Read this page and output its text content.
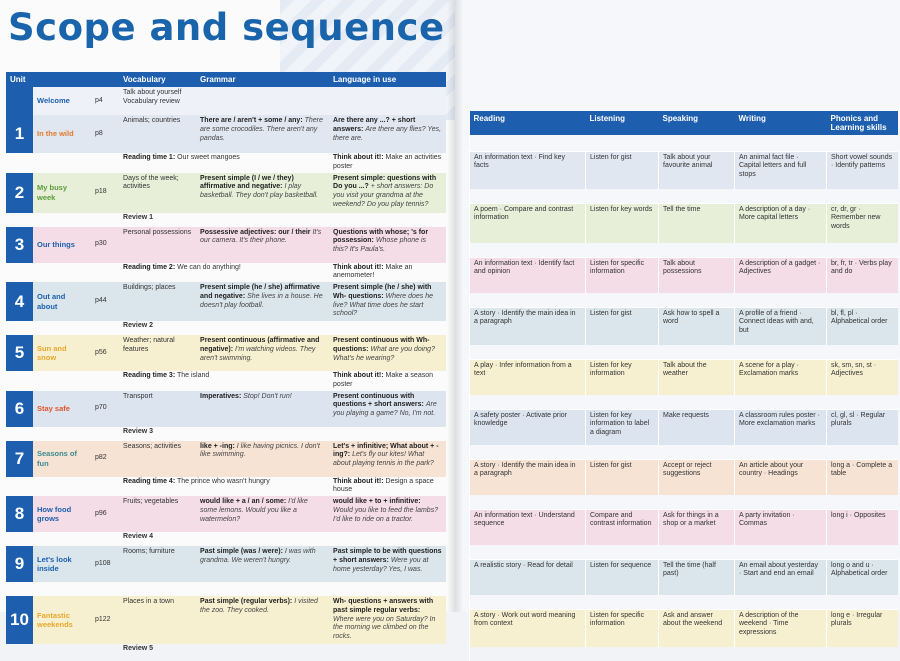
Scope and sequence
Unit			Vocabulary	Grammar	Language in use
	Welcome	p4	Talk about yourself
Vocabulary review		
1	In the wild	p8	Animals; countries	There are / aren't + some / any: There are some crocodiles. There aren't any pandas.	Are there any ...? + short answers: Are there any flies? Yes, there are.
			Reading time 1: Our sweet mangoes		Think about it!: Make an activities poster
2	My busy week	p18	Days of the week; activities	Present simple (I / we / they) affirmative and negative: I play basketball. They don't play basketball.	Present simple: questions with Do you ...? + short answers: Do you visit your grandma at the weekend? Do you play tennis?
			Review 1		
3	Our things	p30	Personal possessions	Possessive adjectives: our / their It's our camera. It's their phone.	Questions with whose; 's for possession: Whose phone is this? It's Paula's.
			Reading time 2: We can do anything!		Think about it!: Make an anemometer!
4	Out and about	p44	Buildings; places	Present simple (he / she) affirmative and negative: She lives in a house. He doesn't play football.	Present simple (he / she) with Wh- questions: Where does he live? What time does he start school?
			Review 2		
5	Sun and snow	p56	Weather; natural features	Present continuous (affirmative and negative): I'm watching videos. They aren't swimming.	Present continuous with Wh- questions: What are you doing? What's he wearing?
			Reading time 3: The island		Think about it!: Make a season poster
6	Stay safe	p70	Transport	Imperatives: Stop! Don't run!	Present continuous with questions + short answers: Are you playing a game? No, I'm not.
			Review 3		
7	Seasons of fun	p82	Seasons; activities	like + -ing: I like having picnics. I don't like swimming.	Let's + infinitive; What about + -ing?: Let's fly our kites! What about playing tennis in the park?
			Reading time 4: The prince who wasn't hungry		Think about it!: Design a space house
8	How food grows	p96	Fruits; vegetables	would like + a / an / some: I'd like some lemons. Would you like a watermelon?	would like + to + infinitive: Would you like to feed the lambs? I'd like to ride on a tractor.
			Review 4		
9	Let's look inside	p108	Rooms; furniture	Past simple (was / were): I was with grandma. We weren't hungry.	Past simple to be with questions + short answers: Were you at home yesterday? Yes, I was.

10	Fantastic weekends	p122	Places in a town	Past simple (regular verbs): I visited the zoo. They cooked.	Wh- questions + answers with past simple regular verbs: Where were you on Saturday? In the morning we climbed on the rocks.
			Review 5		
Reading	Listening	Speaking	Writing	Phonics and Learning skills

An information text · Find key facts	Listen for gist	Talk about your favourite animal	An animal fact file · Capital letters and full stops	Short vowel sounds · Identify patterns

A poem · Compare and contrast information	Listen for key words	Tell the time	A description of a day · More capital letters	cr, dr, gr · Remember new words

An information text · Identify fact and opinion	Listen for specific information	Talk about possessions	A description of a gadget · Adjectives	br, fr, tr · Verbs play and do

A story · Identify the main idea in a paragraph	Listen for gist	Ask how to spell a word	A profile of a friend · Connect ideas with and, but	bl, fl, pl · Alphabetical order

A play · Infer information from a text	Listen for key information	Talk about the weather	A scene for a play · Exclamation marks	sk, sm, sn, st · Adjectives

A safety poster · Activate prior knowledge	Listen for key information to label a diagram	Make requests	A classroom rules poster · More exclamation marks	cl, gl, sl · Regular plurals

A story · Identify the main idea in a paragraph	Listen for gist	Accept or reject suggestions	An article about your country · Headings	long a · Complete a table

An information text · Understand sequence	Compare and contrast information	Ask for things in a shop or a market	A party invitation · Commas	long i · Opposites

A realistic story · Read for detail	Listen for sequence	Tell the time (half past)	An email about yesterday · Start and end an email	long o and u · Alphabetical order

A story · Work out word meaning from context	Listen for specific information	Ask and answer about the weekend	A description of the weekend · Time expressions	long e · Irregular plurals
